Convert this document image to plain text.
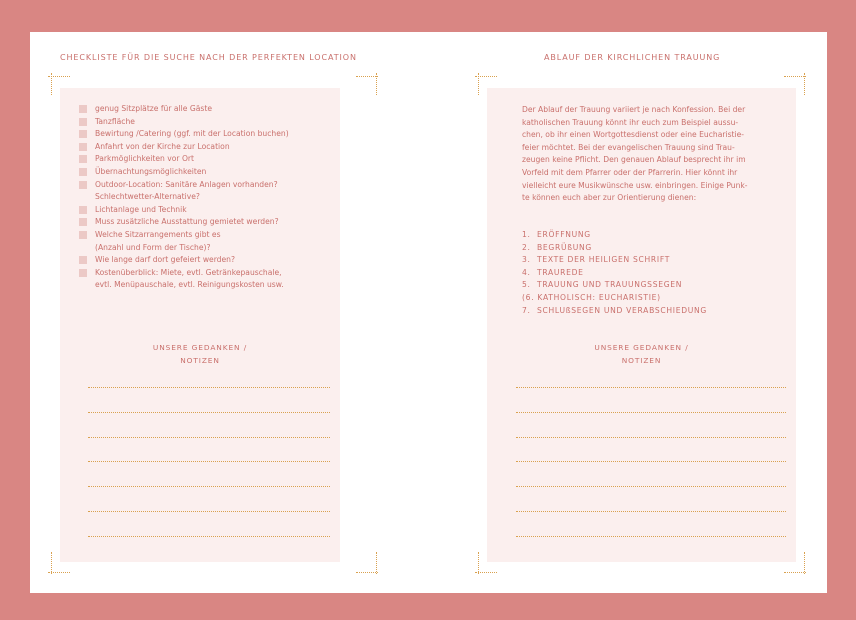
CHECKLISTE FÜR DIE SUCHE NACH DER PERFEKTEN LOCATION
genug Sitzplätze für alle Gäste
Tanzfläche
Bewirtung /Catering (ggf. mit der Location buchen)
Anfahrt von der Kirche zur Location
Parkmöglichkeiten vor Ort
Übernachtungsmöglichkeiten
Outdoor-Location: Sanitäre Anlagen vorhanden?
Schlechtwetter-Alternative?
Lichtanlage und Technik
Muss zusätzliche Ausstattung gemietet werden?
Welche Sitzarrangements gibt es
(Anzahl und Form der Tische)?
Wie lange darf dort gefeiert werden?
Kostenüberblick: Miete, evtl. Getränkepauschale,
evtl. Menüpauschale, evtl. Reinigungskosten usw.
UNSERE GEDANKEN /
NOTIZEN
ABLAUF DER KIRCHLICHEN TRAUUNG

Der Ablauf der Trauung variiert je nach Konfession. Bei der
katholischen Trauung könnt ihr euch zum Beispiel aussu-
chen, ob ihr einen Wortgottesdienst oder eine Eucharistie-
feier möchtet. Bei der evangelischen Trauung sind Trau-
zeugen keine Pflicht. Den genauen Ablauf besprecht ihr im
Vorfeld mit dem Pfarrer oder der Pfarrerin. Hier könnt ihr
vielleicht eure Musikwünsche usw. einbringen. Einige Punk-
te können euch aber zur Orientierung dienen:

1. ERÖFFNUNG
2. BEGRÜßUNG
3. TEXTE DER HEILIGEN SCHRIFT
4. TRAUREDE
5. TRAUUNG UND TRAUUNGSSEGEN
(6. KATHOLISCH: EUCHARISTIE)
7. SCHLUßSEGEN UND VERABSCHIEDUNG
UNSERE GEDANKEN /
NOTIZEN
